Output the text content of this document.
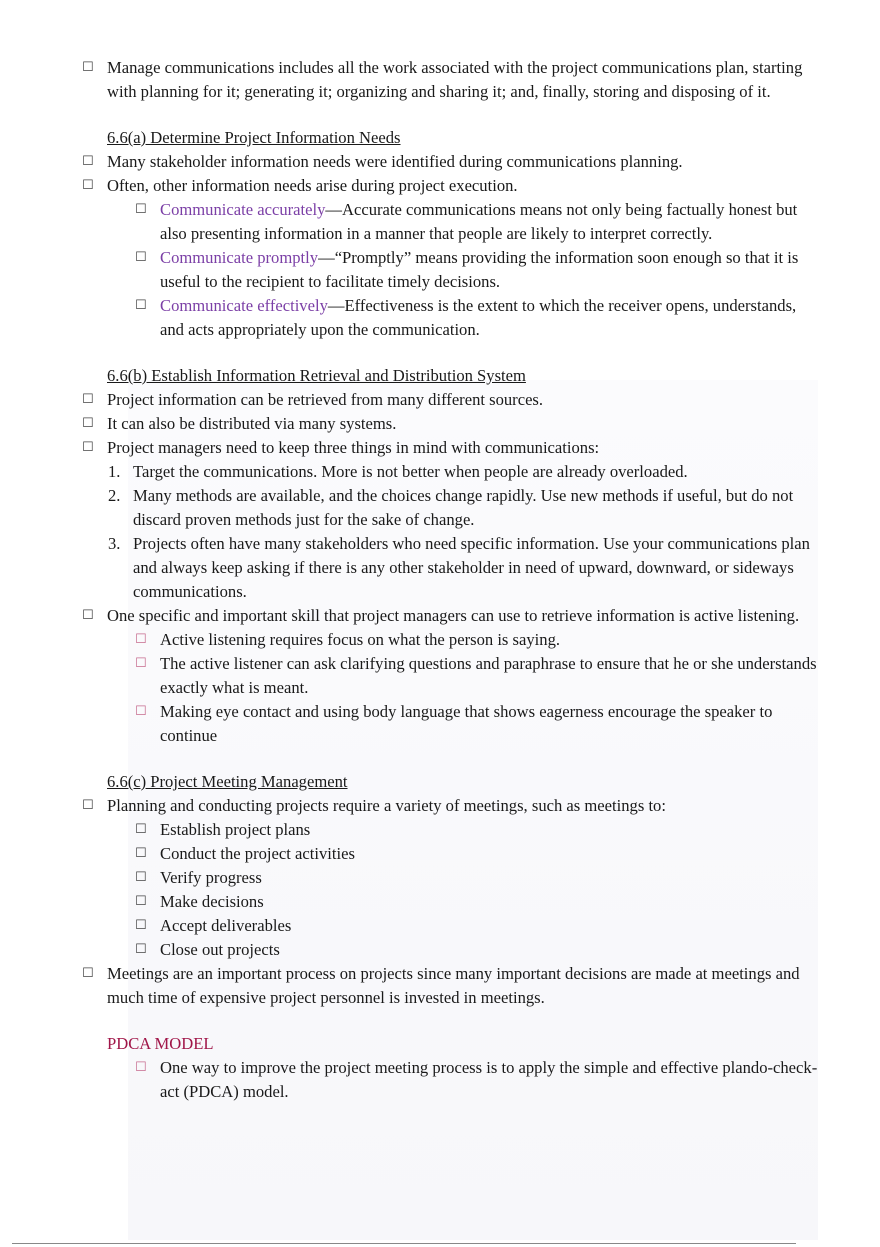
☐ Manage communications includes all the work associated with the project communications plan, starting with planning for it; generating it; organizing and sharing it; and, finally, storing and disposing of it.
6.6(a) Determine Project Information Needs
☐ Many stakeholder information needs were identified during communications planning.
☐ Often, other information needs arise during project execution.
☐ Communicate accurately—Accurate communications means not only being factually honest but also presenting information in a manner that people are likely to interpret correctly.
☐ Communicate promptly—“Promptly” means providing the information soon enough so that it is useful to the recipient to facilitate timely decisions.
☐ Communicate effectively—Effectiveness is the extent to which the receiver opens, understands, and acts appropriately upon the communication.
6.6(b) Establish Information Retrieval and Distribution System
☐ Project information can be retrieved from many different sources.
☐ It can also be distributed via many systems.
☐ Project managers need to keep three things in mind with communications:
1. Target the communications. More is not better when people are already overloaded.
2. Many methods are available, and the choices change rapidly. Use new methods if useful, but do not discard proven methods just for the sake of change.
3. Projects often have many stakeholders who need specific information. Use your communications plan and always keep asking if there is any other stakeholder in need of upward, downward, or sideways communications.
☐ One specific and important skill that project managers can use to retrieve information is active listening.
☐ Active listening requires focus on what the person is saying.
☐ The active listener can ask clarifying questions and paraphrase to ensure that he or she understands exactly what is meant.
☐ Making eye contact and using body language that shows eagerness encourage the speaker to continue
6.6(c) Project Meeting Management
☐ Planning and conducting projects require a variety of meetings, such as meetings to:
☐ Establish project plans
☐ Conduct the project activities
☐ Verify progress
☐ Make decisions
☐ Accept deliverables
☐ Close out projects
☐ Meetings are an important process on projects since many important decisions are made at meetings and much time of expensive project personnel is invested in meetings.
PDCA MODEL
☐ One way to improve the project meeting process is to apply the simple and effective plando-check-act (PDCA) model.
